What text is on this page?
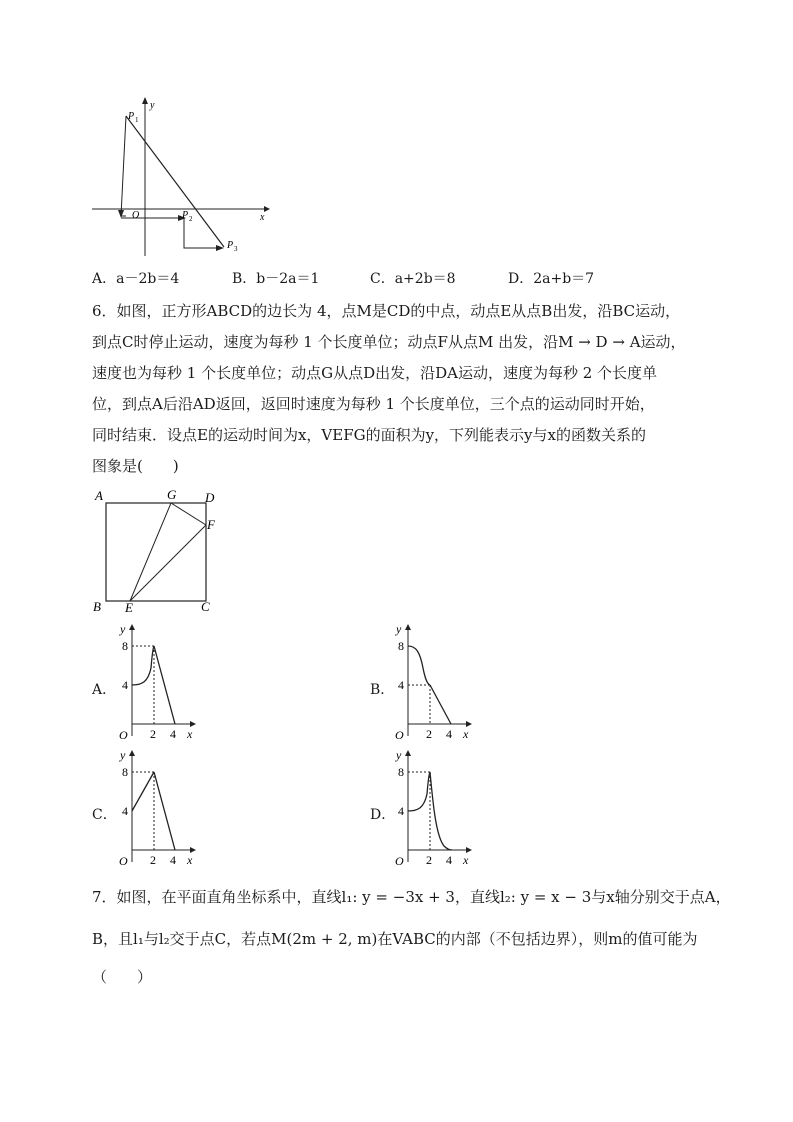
y
x
O
P 1
P 2
P 3
A．a－2b＝4	B．b－2a＝1	C．a+2b＝8	D．2a+b＝7
6．如图，正方形ABCD的边长为 4，点M是CD的中点，动点E从点B出发，沿BC运动，
到点C时停止运动，速度为每秒 1 个长度单位；动点F从点M 出发，沿M → D → A运动，
速度也为每秒 1 个长度单位；动点G从点D出发，沿DA运动，速度为每秒 2 个长度单
位，到点A后沿AD返回，返回时速度为每秒 1 个长度单位，三个点的运动同时开始，
同时结束．设点E的运动时间为x，VEFG的面积为y，下列能表示y与x的函数关系的
图象是(　　)
A	G D
F
B E	C
A．	B．
C．	D．
y
8
4
O 2 4 x
y
8
4
O 2 4 x
y
8
4
O 2 4 x
y
8
4
O 2 4 x
7．如图，在平面直角坐标系中，直线l₁: y = −3x + 3，直线l₂: y = x − 3与x轴分别交于点A，
B，且l₁与l₂交于点C，若点M(2m + 2, m)在VABC的内部（不包括边界），则m的值可能为
（　　）
